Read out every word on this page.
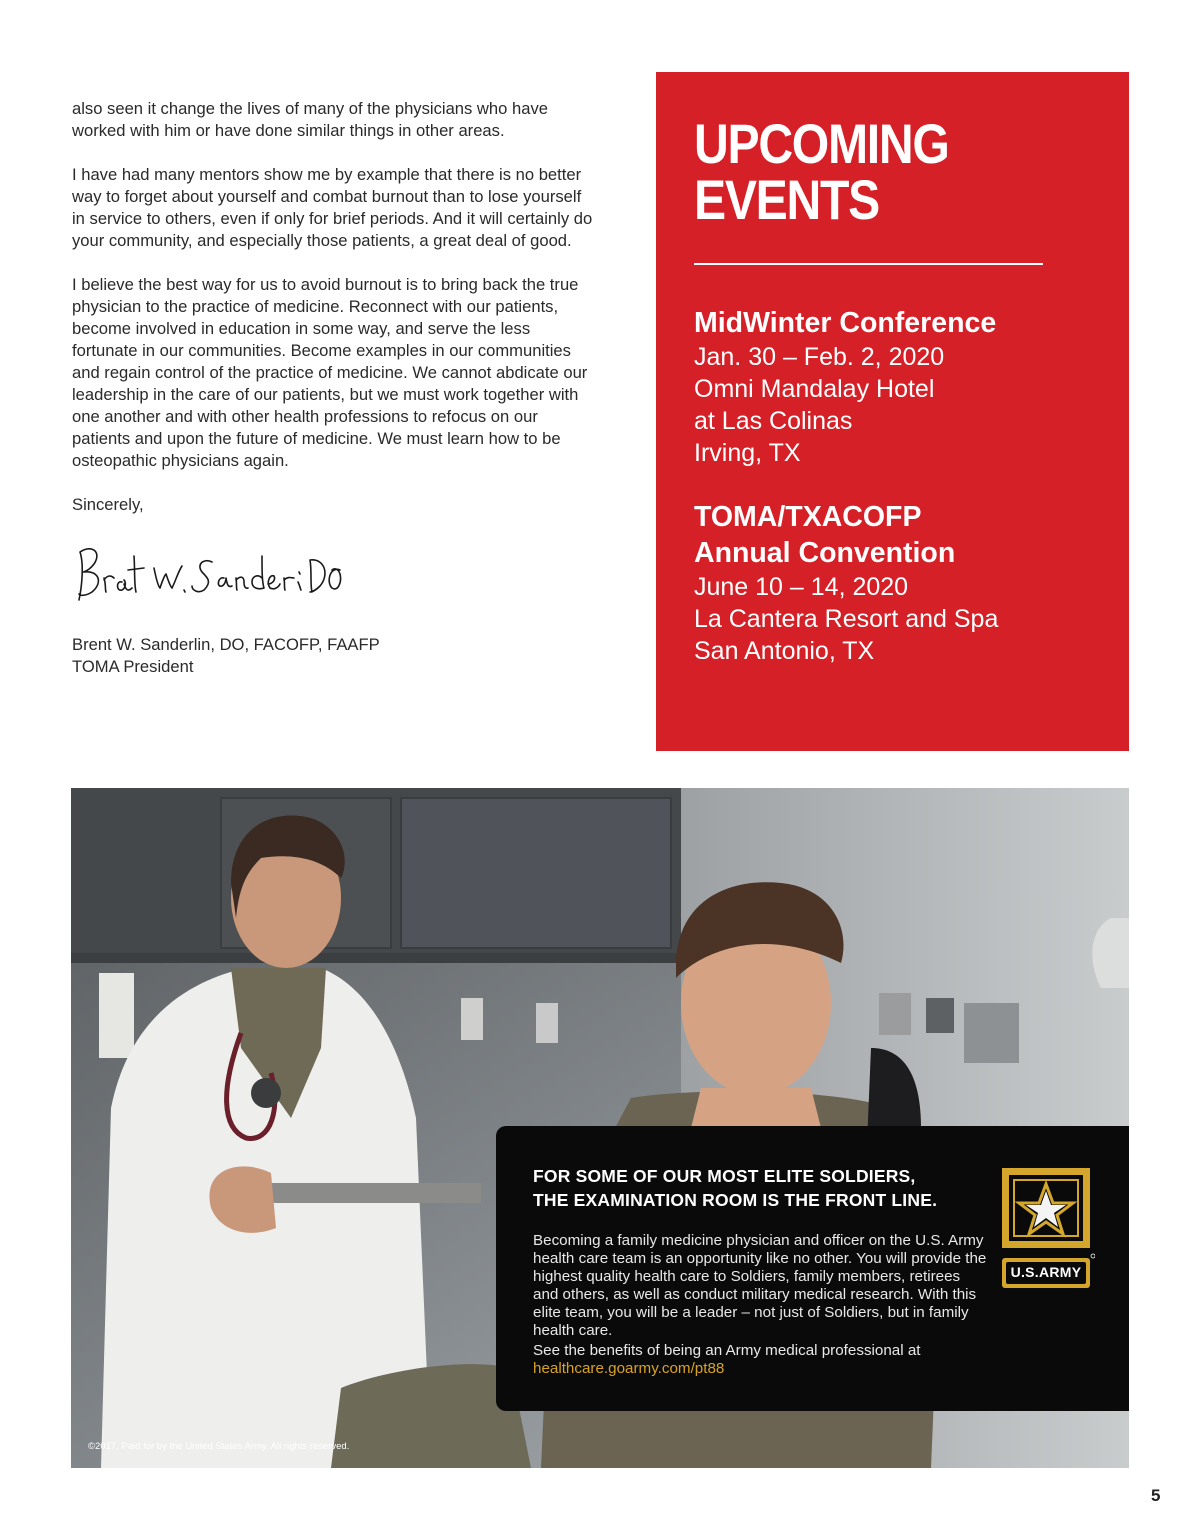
also seen it change the lives of many of the physicians who have worked with him or have done similar things in other areas.

I have had many mentors show me by example that there is no better way to forget about yourself and combat burnout than to lose yourself in service to others, even if only for brief periods. And it will certainly do your community, and especially those patients, a great deal of good.

I believe the best way for us to avoid burnout is to bring back the true physician to the practice of medicine. Reconnect with our patients, become involved in education in some way, and serve the less fortunate in our communities. Become examples in our communities and regain control of the practice of medicine. We cannot abdicate our leadership in the care of our patients, but we must work together with one another and with other health professions to refocus on our patients and upon the future of medicine. We must learn how to be osteopathic physicians again.

Sincerely,

Brent W. Sanderlin, DO, FACOFP, FAAFP
TOMA President
UPCOMING
EVENTS
MidWinter Conference
Jan. 30 – Feb. 2, 2020
Omni Mandalay Hotel
at Las Colinas
Irving, TX
TOMA/TXACOFP
Annual Convention
June 10 – 14, 2020
La Cantera Resort and Spa
San Antonio, TX
FOR SOME OF OUR MOST ELITE SOLDIERS,
THE EXAMINATION ROOM IS THE FRONT LINE.

Becoming a family medicine physician and officer on the U.S. Army health care team is an opportunity like no other. You will provide the highest quality health care to Soldiers, family members, retirees and others, as well as conduct military medical research. With this elite team, you will be a leader – not just of Soldiers, but in family health care.

See the benefits of being an Army medical professional at healthcare.goarmy.com/pt88

U.S.ARMY
©2017. Paid for by the United States Army. All rights reserved.
5
